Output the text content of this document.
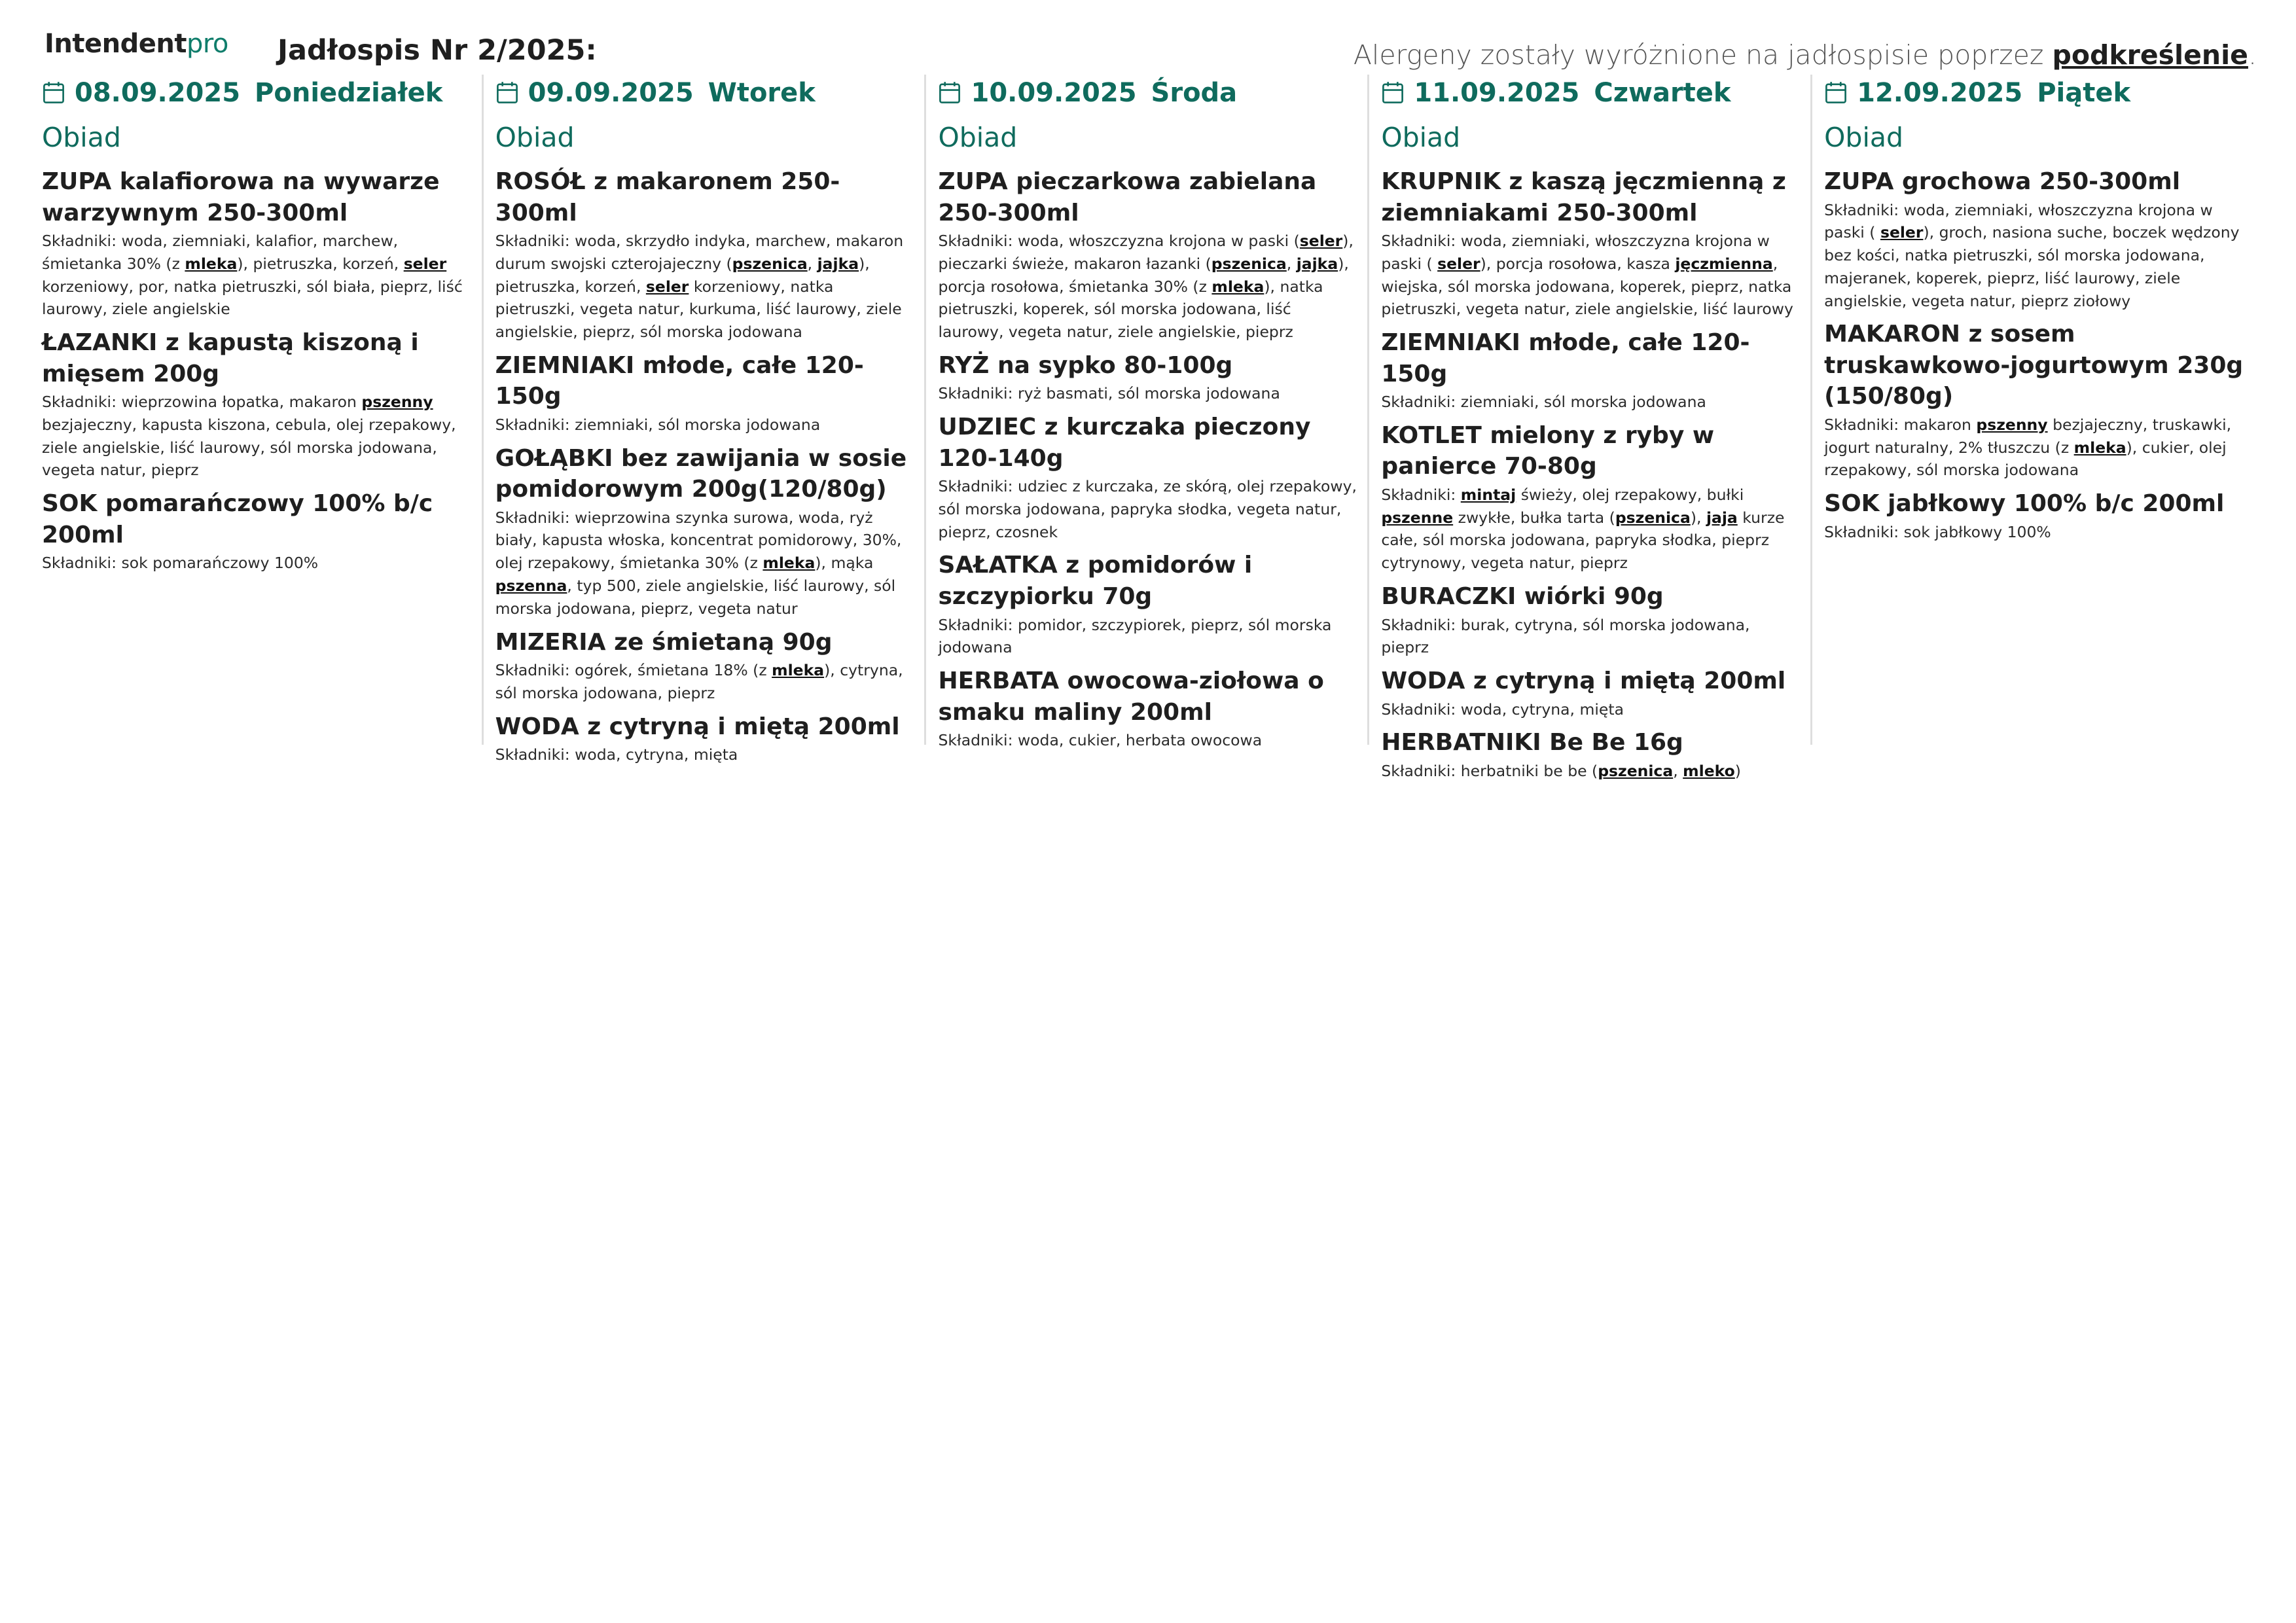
Intendentpro Jadłospis Nr 2/2025:	Alergeny zostały wyróżnione na jadłospisie poprzez podkreślenie.
08.09.2025 Poniedziałek
Obiad
ZUPA kalafiorowa na wywarze warzywnym 250-300ml
Składniki: woda, ziemniaki, kalafior, marchew, śmietanka 30% (z mleka), pietruszka, korzeń, seler korzeniowy, por, natka pietruszki, sól biała, pieprz, liść laurowy, ziele angielskie
ŁAZANKI z kapustą kiszoną i mięsem 200g
Składniki: wieprzowina łopatka, makaron pszenny bezjajeczny, kapusta kiszona, cebula, olej rzepakowy, ziele angielskie, liść laurowy, sól morska jodowana, vegeta natur, pieprz
SOK pomarańczowy 100% b/c 200ml
Składniki: sok pomarańczowy 100%
09.09.2025 Wtorek
Obiad
ROSÓŁ z makaronem 250-300ml
Składniki: woda, skrzydło indyka, marchew, makaron durum swojski czterojajeczny (pszenica, jajka), pietruszka, korzeń, seler korzeniowy, natka pietruszki, vegeta natur, kurkuma, liść laurowy, ziele angielskie, pieprz, sól morska jodowana
ZIEMNIAKI młode, całe 120-150g
Składniki: ziemniaki, sól morska jodowana
GOŁĄBKI bez zawijania w sosie pomidorowym 200g(120/80g)
Składniki: wieprzowina szynka surowa, woda, ryż biały, kapusta włoska, koncentrat pomidorowy, 30%, olej rzepakowy, śmietanka 30% (z mleka), mąka pszenna, typ 500, ziele angielskie, liść laurowy, sól morska jodowana, pieprz, vegeta natur
MIZERIA ze śmietaną 90g
Składniki: ogórek, śmietana 18% (z mleka), cytryna, sól morska jodowana, pieprz
WODA z cytryną i miętą 200ml
Składniki: woda, cytryna, mięta
10.09.2025 Środa
Obiad
ZUPA pieczarkowa zabielana 250-300ml
Składniki: woda, włoszczyzna krojona w paski (seler), pieczarki świeże, makaron łazanki (pszenica, jajka), porcja rosołowa, śmietanka 30% (z mleka), natka pietruszki, koperek, sól morska jodowana, liść laurowy, vegeta natur, ziele angielskie, pieprz
RYŻ na sypko 80-100g
Składniki: ryż basmati, sól morska jodowana
UDZIEC z kurczaka pieczony 120-140g
Składniki: udziec z kurczaka, ze skórą, olej rzepakowy, sól morska jodowana, papryka słodka, vegeta natur, pieprz, czosnek
SAŁATKA z pomidorów i szczypiorku 70g
Składniki: pomidor, szczypiorek, pieprz, sól morska jodowana
HERBATA owocowa-ziołowa o smaku maliny 200ml
Składniki: woda, cukier, herbata owocowa
11.09.2025 Czwartek
Obiad
KRUPNIK z kaszą jęczmienną z ziemniakami 250-300ml
Składniki: woda, ziemniaki, włoszczyzna krojona w paski ( seler), porcja rosołowa, kasza jęczmienna, wiejska, sól morska jodowana, koperek, pieprz, natka pietruszki, vegeta natur, ziele angielskie, liść laurowy
ZIEMNIAKI młode, całe 120-150g
Składniki: ziemniaki, sól morska jodowana
KOTLET mielony z ryby w panierce 70-80g
Składniki: mintaj świeży, olej rzepakowy, bułki pszenne zwykłe, bułka tarta (pszenica), jaja kurze całe, sól morska jodowana, papryka słodka, pieprz cytrynowy, vegeta natur, pieprz
BURACZKI wiórki 90g
Składniki: burak, cytryna, sól morska jodowana, pieprz
WODA z cytryną i miętą 200ml
Składniki: woda, cytryna, mięta
HERBATNIKI Be Be 16g
Składniki: herbatniki be be (pszenica, mleko)
12.09.2025 Piątek
Obiad
ZUPA grochowa 250-300ml
Składniki: woda, ziemniaki, włoszczyzna krojona w paski ( seler), groch, nasiona suche, boczek wędzony bez kości, natka pietruszki, sól morska jodowana, majeranek, koperek, pieprz, liść laurowy, ziele angielskie, vegeta natur, pieprz ziołowy
MAKARON z sosem truskawkowo-jogurtowym 230g (150/80g)
Składniki: makaron pszenny bezjajeczny, truskawki, jogurt naturalny, 2% tłuszczu (z mleka), cukier, olej rzepakowy, sól morska jodowana
SOK jabłkowy 100% b/c 200ml
Składniki: sok jabłkowy 100%
